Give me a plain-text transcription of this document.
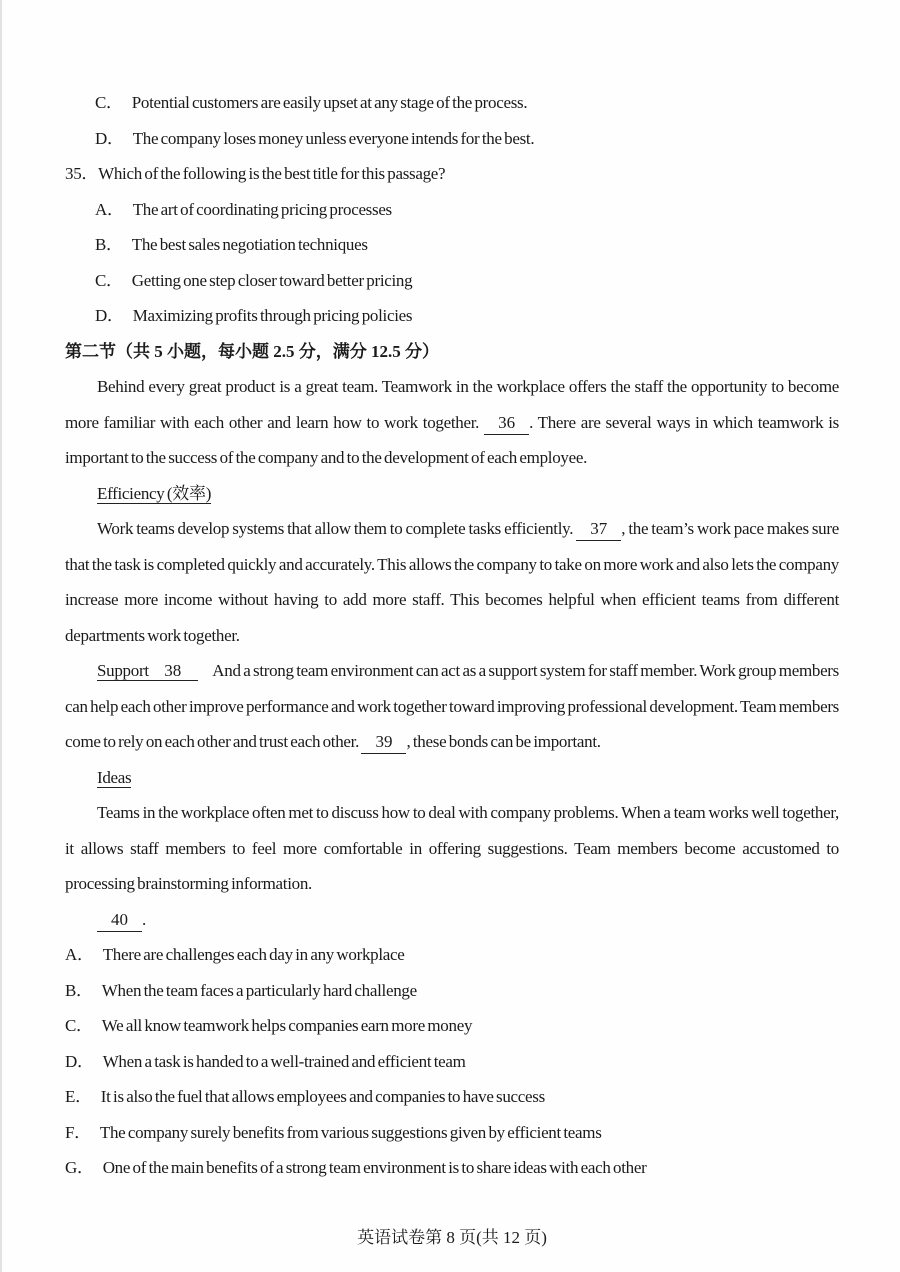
C． Potential customers are easily upset at any stage of the process.
D． The company loses money unless everyone intends for the best.
35．Which of the following is the best title for this passage?
A． The art of coordinating pricing processes
B． The best sales negotiation techniques
C． Getting one step closer toward better pricing
D． Maximizing profits through pricing policies
第二节（共 5 小题，每小题 2.5 分，满分 12.5 分）

Behind every great product is a great team. Teamwork in the workplace offers the staff the opportunity to become more familiar with each other and learn how to work together. 36 . There are several ways in which teamwork is important to the success of the company and to the development of each employee.

Efficiency (效率)

Work teams develop systems that allow them to complete tasks efficiently. 37 , the team’s work pace makes sure that the task is completed quickly and accurately. This allows the company to take on more work and also lets the company increase more income without having to add more staff. This becomes helpful when efficient teams from different departments work together.

Support 38 And a strong team environment can act as a support system for staff member. Work group members can help each other improve performance and work together toward improving professional development. Team members come to rely on each other and trust each other. 39 , these bonds can be important.

Ideas

Teams in the workplace often met to discuss how to deal with company problems. When a team works well together, it allows staff members to feel more comfortable in offering suggestions. Team members become accustomed to processing brainstorming information.

40 .

A． There are challenges each day in any workplace
B． When the team faces a particularly hard challenge
C． We all know teamwork helps companies earn more money
D． When a task is handed to a well-trained and efficient team
E． It is also the fuel that allows employees and companies to have success
F． The company surely benefits from various suggestions given by efficient teams
G． One of the main benefits of a strong team environment is to share ideas with each other
英语试卷第 8 页(共 12 页)
